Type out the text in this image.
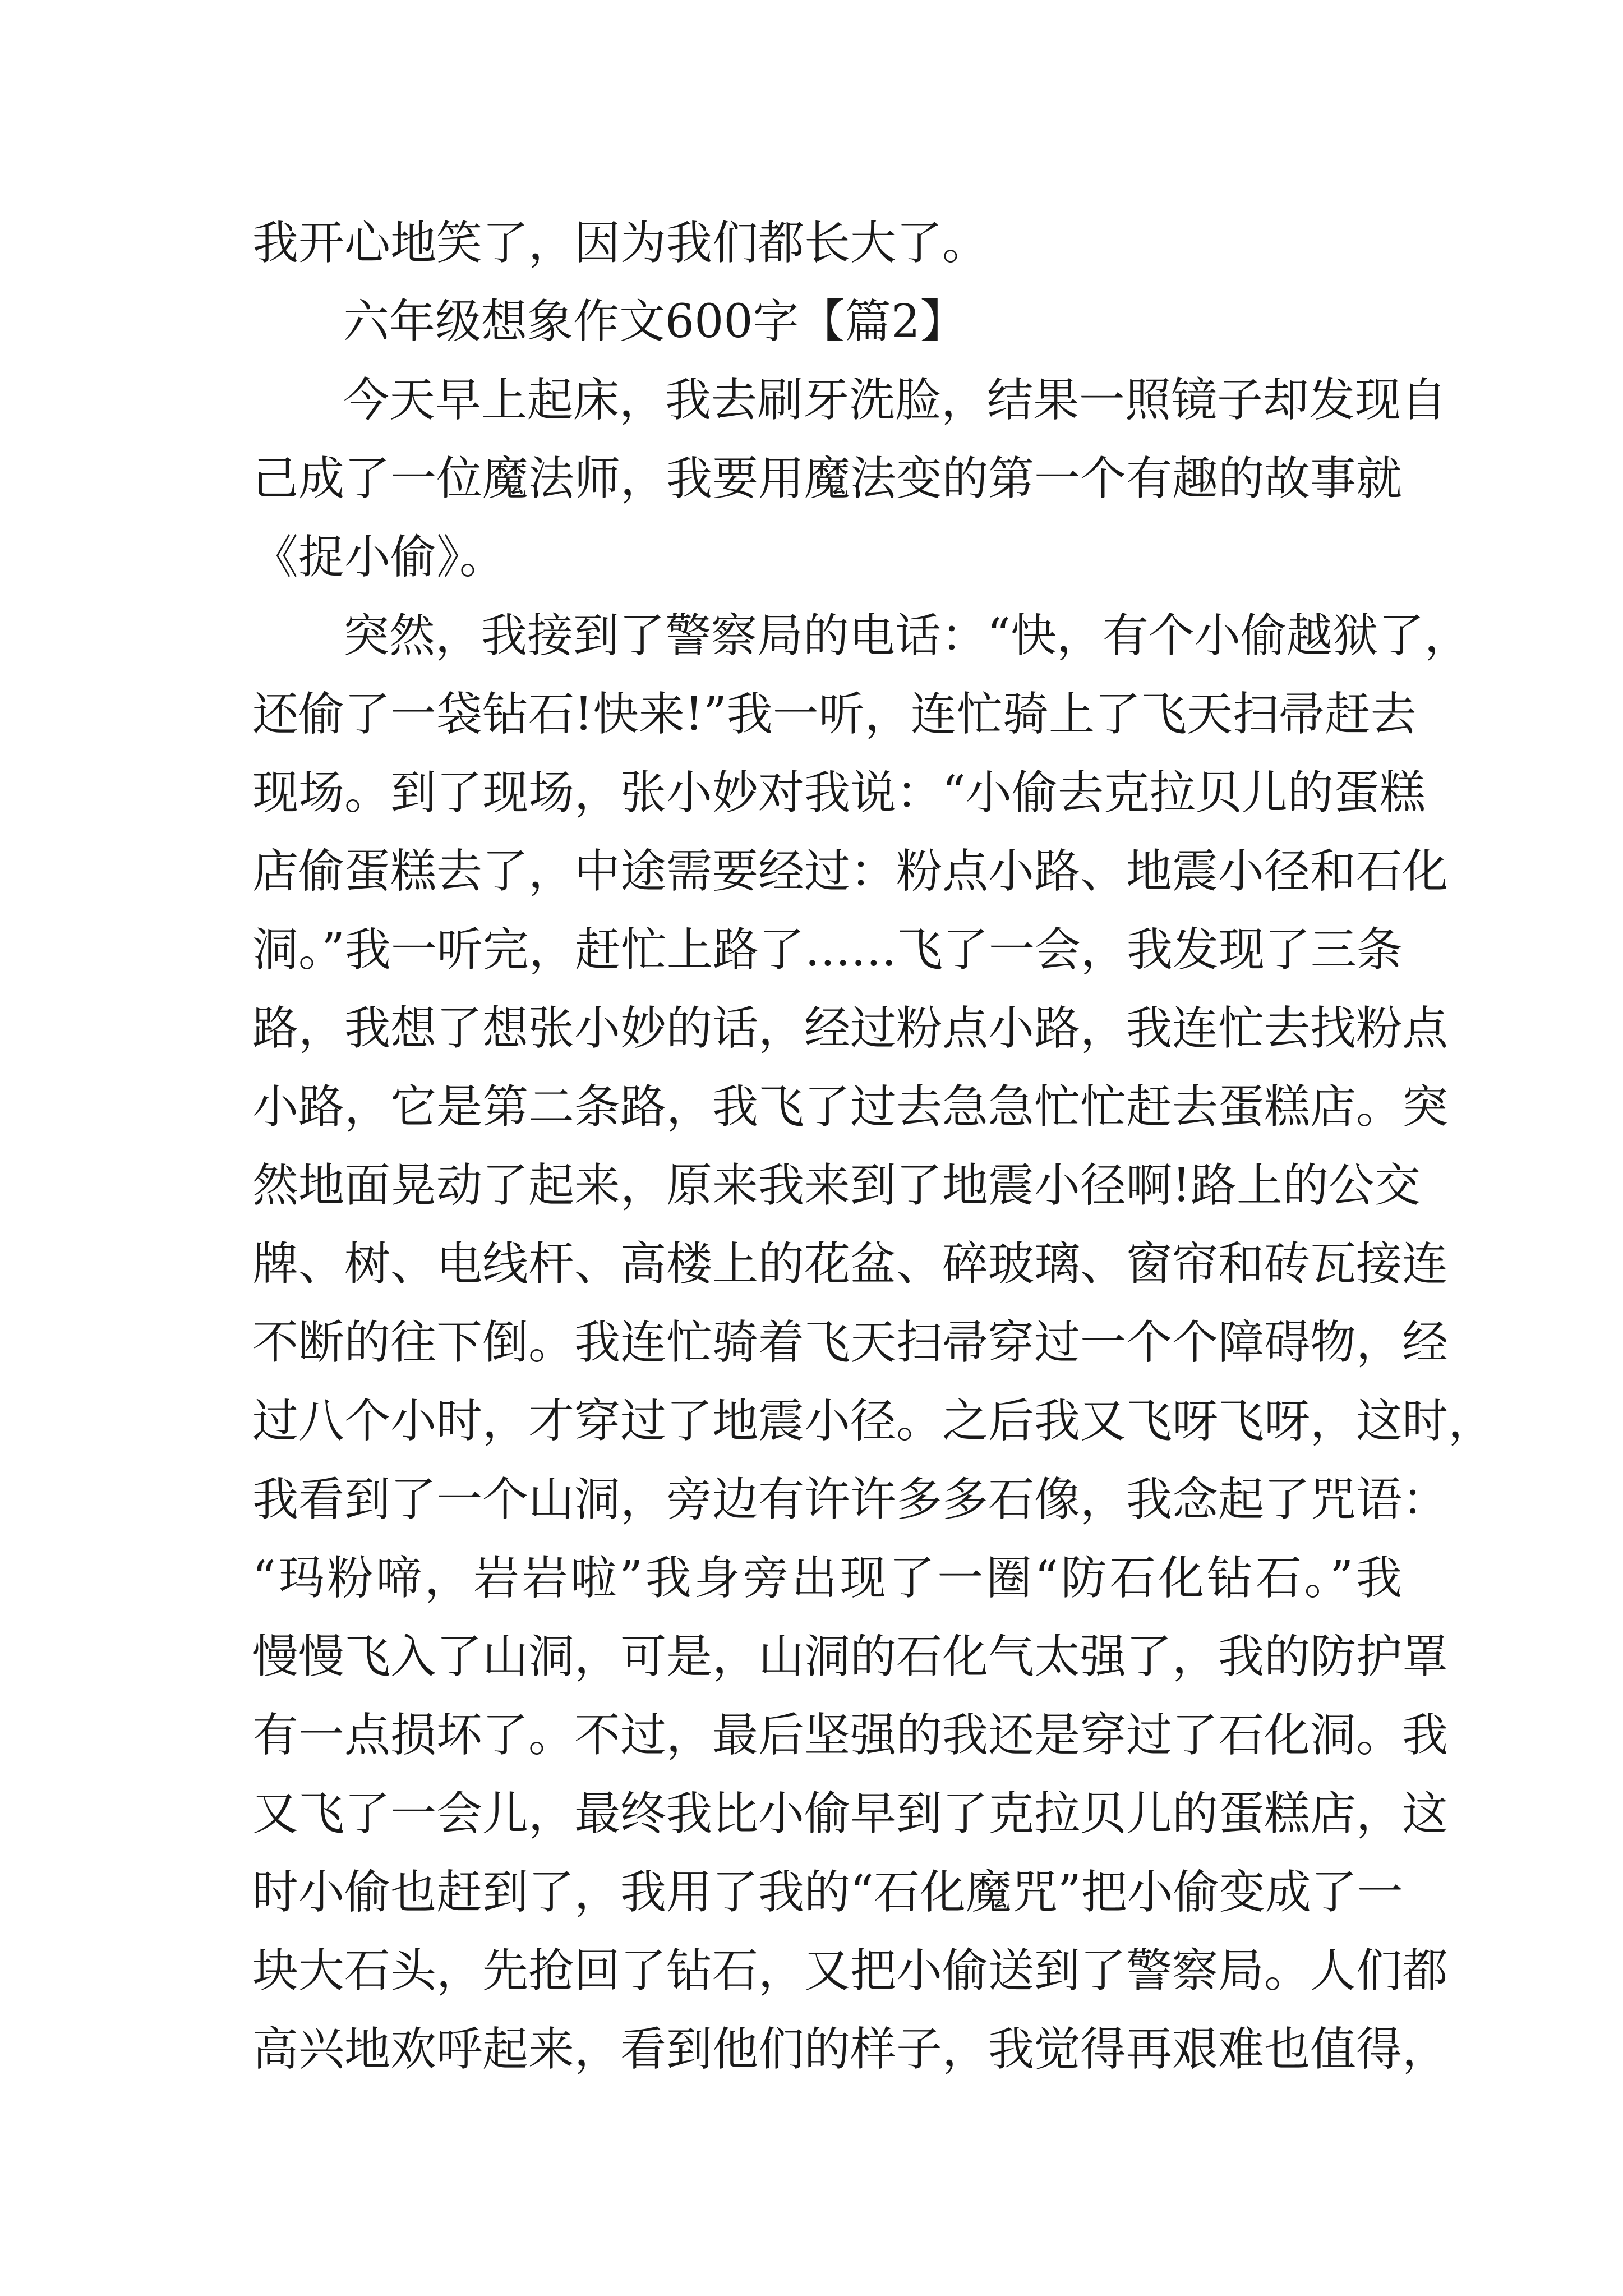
我开心地笑了，因为我们都长大了。
六年级想象作文600字【篇2】
今天早上起床，我去刷牙洗脸，结果一照镜子却发现自
己成了一位魔法师，我要用魔法变的第一个有趣的故事就
《捉小偷》。
突然，我接到了警察局的电话：“快，有个小偷越狱了，
还偷了一袋钻石!快来!”我一听，连忙骑上了飞天扫帚赶去
现场。到了现场，张小妙对我说：“小偷去克拉贝儿的蛋糕
店偷蛋糕去了，中途需要经过：粉点小路、地震小径和石化
洞。”我一听完，赶忙上路了……飞了一会，我发现了三条
路，我想了想张小妙的话，经过粉点小路，我连忙去找粉点
小路，它是第二条路，我飞了过去急急忙忙赶去蛋糕店。突
然地面晃动了起来，原来我来到了地震小径啊!路上的公交
牌、树、电线杆、高楼上的花盆、碎玻璃、窗帘和砖瓦接连
不断的往下倒。我连忙骑着飞天扫帚穿过一个个障碍物，经
过八个小时，才穿过了地震小径。之后我又飞呀飞呀，这时，
我看到了一个山洞，旁边有许许多多石像，我念起了咒语：
“玛粉啼，岩岩啦”我身旁出现了一圈“防石化钻石。”我
慢慢飞入了山洞，可是，山洞的石化气太强了，我的防护罩
有一点损坏了。不过，最后坚强的我还是穿过了石化洞。我
又飞了一会儿，最终我比小偷早到了克拉贝儿的蛋糕店，这
时小偷也赶到了，我用了我的“石化魔咒”把小偷变成了一
块大石头，先抢回了钻石，又把小偷送到了警察局。人们都
高兴地欢呼起来，看到他们的样子，我觉得再艰难也值得，
